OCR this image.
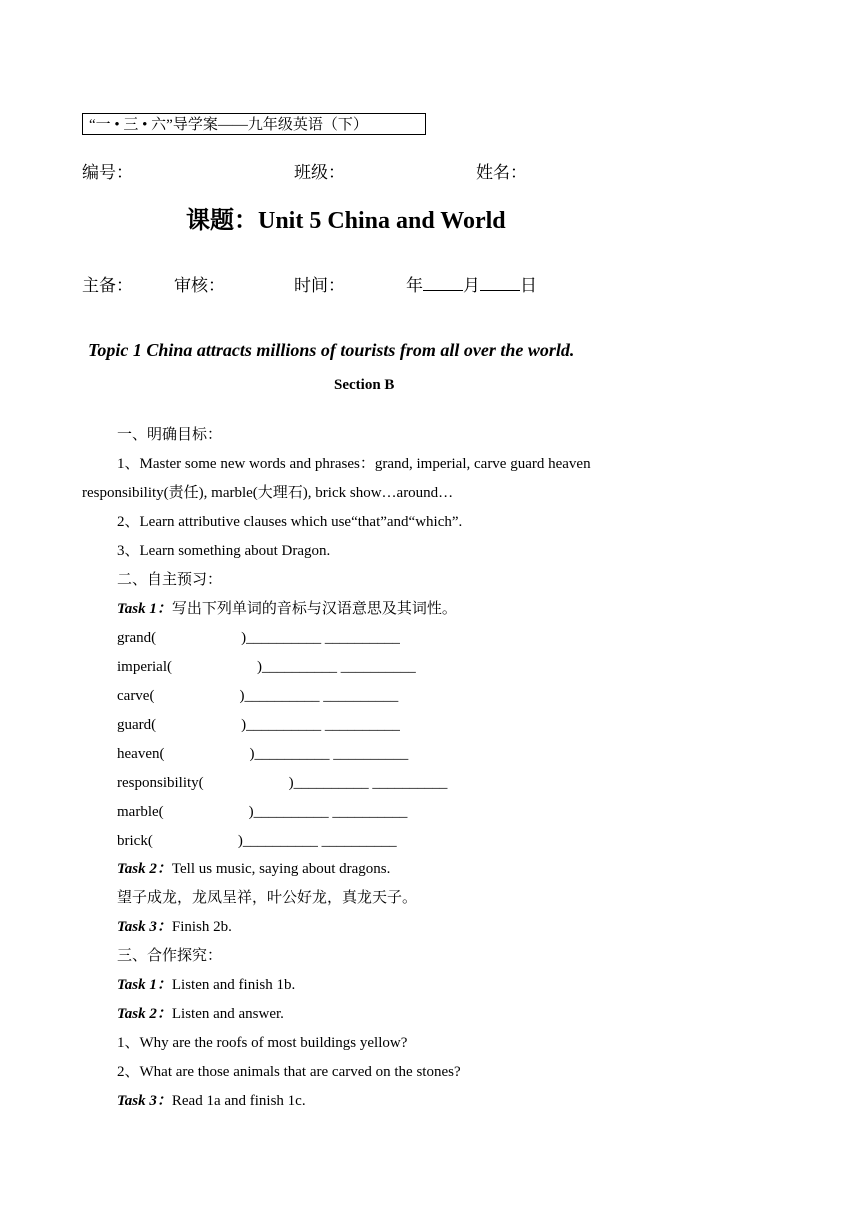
“一 • 三 • 六”导学案——九年级英语（下）
编号：	班级：	姓名：
课题：Unit 5 China and World
主备： 审核：	时间：	年 月 日
Topic 1 China attracts millions of tourists from all over the world.
Section B
一、明确目标：
1、Master some new words and phrases：grand, imperial, carve guard heaven
responsibility(责任), marble(大理石), brick show…around…
2、Learn attributive clauses which use“that”and“which”.
3、Learn something about Dragon.
二、自主预习：
Task 1：写出下列单词的音标与汉语意思及其词性。
grand(	)__________ __________
imperial(	)__________ __________
carve(	)__________ __________
guard(	)__________ __________
heaven(	)__________ __________
responsibility(	)__________ __________
marble(	)__________ __________
brick(	)__________ __________
Task 2：Tell us music, saying about dragons.
望子成龙，龙凤呈祥，叶公好龙，真龙天子。
Task 3：Finish 2b.
三、合作探究：
Task 1：Listen and finish 1b.
Task 2：Listen and answer.
1、Why are the roofs of most buildings yellow?
2、What are those animals that are carved on the stones?
Task 3：Read 1a and finish 1c.
